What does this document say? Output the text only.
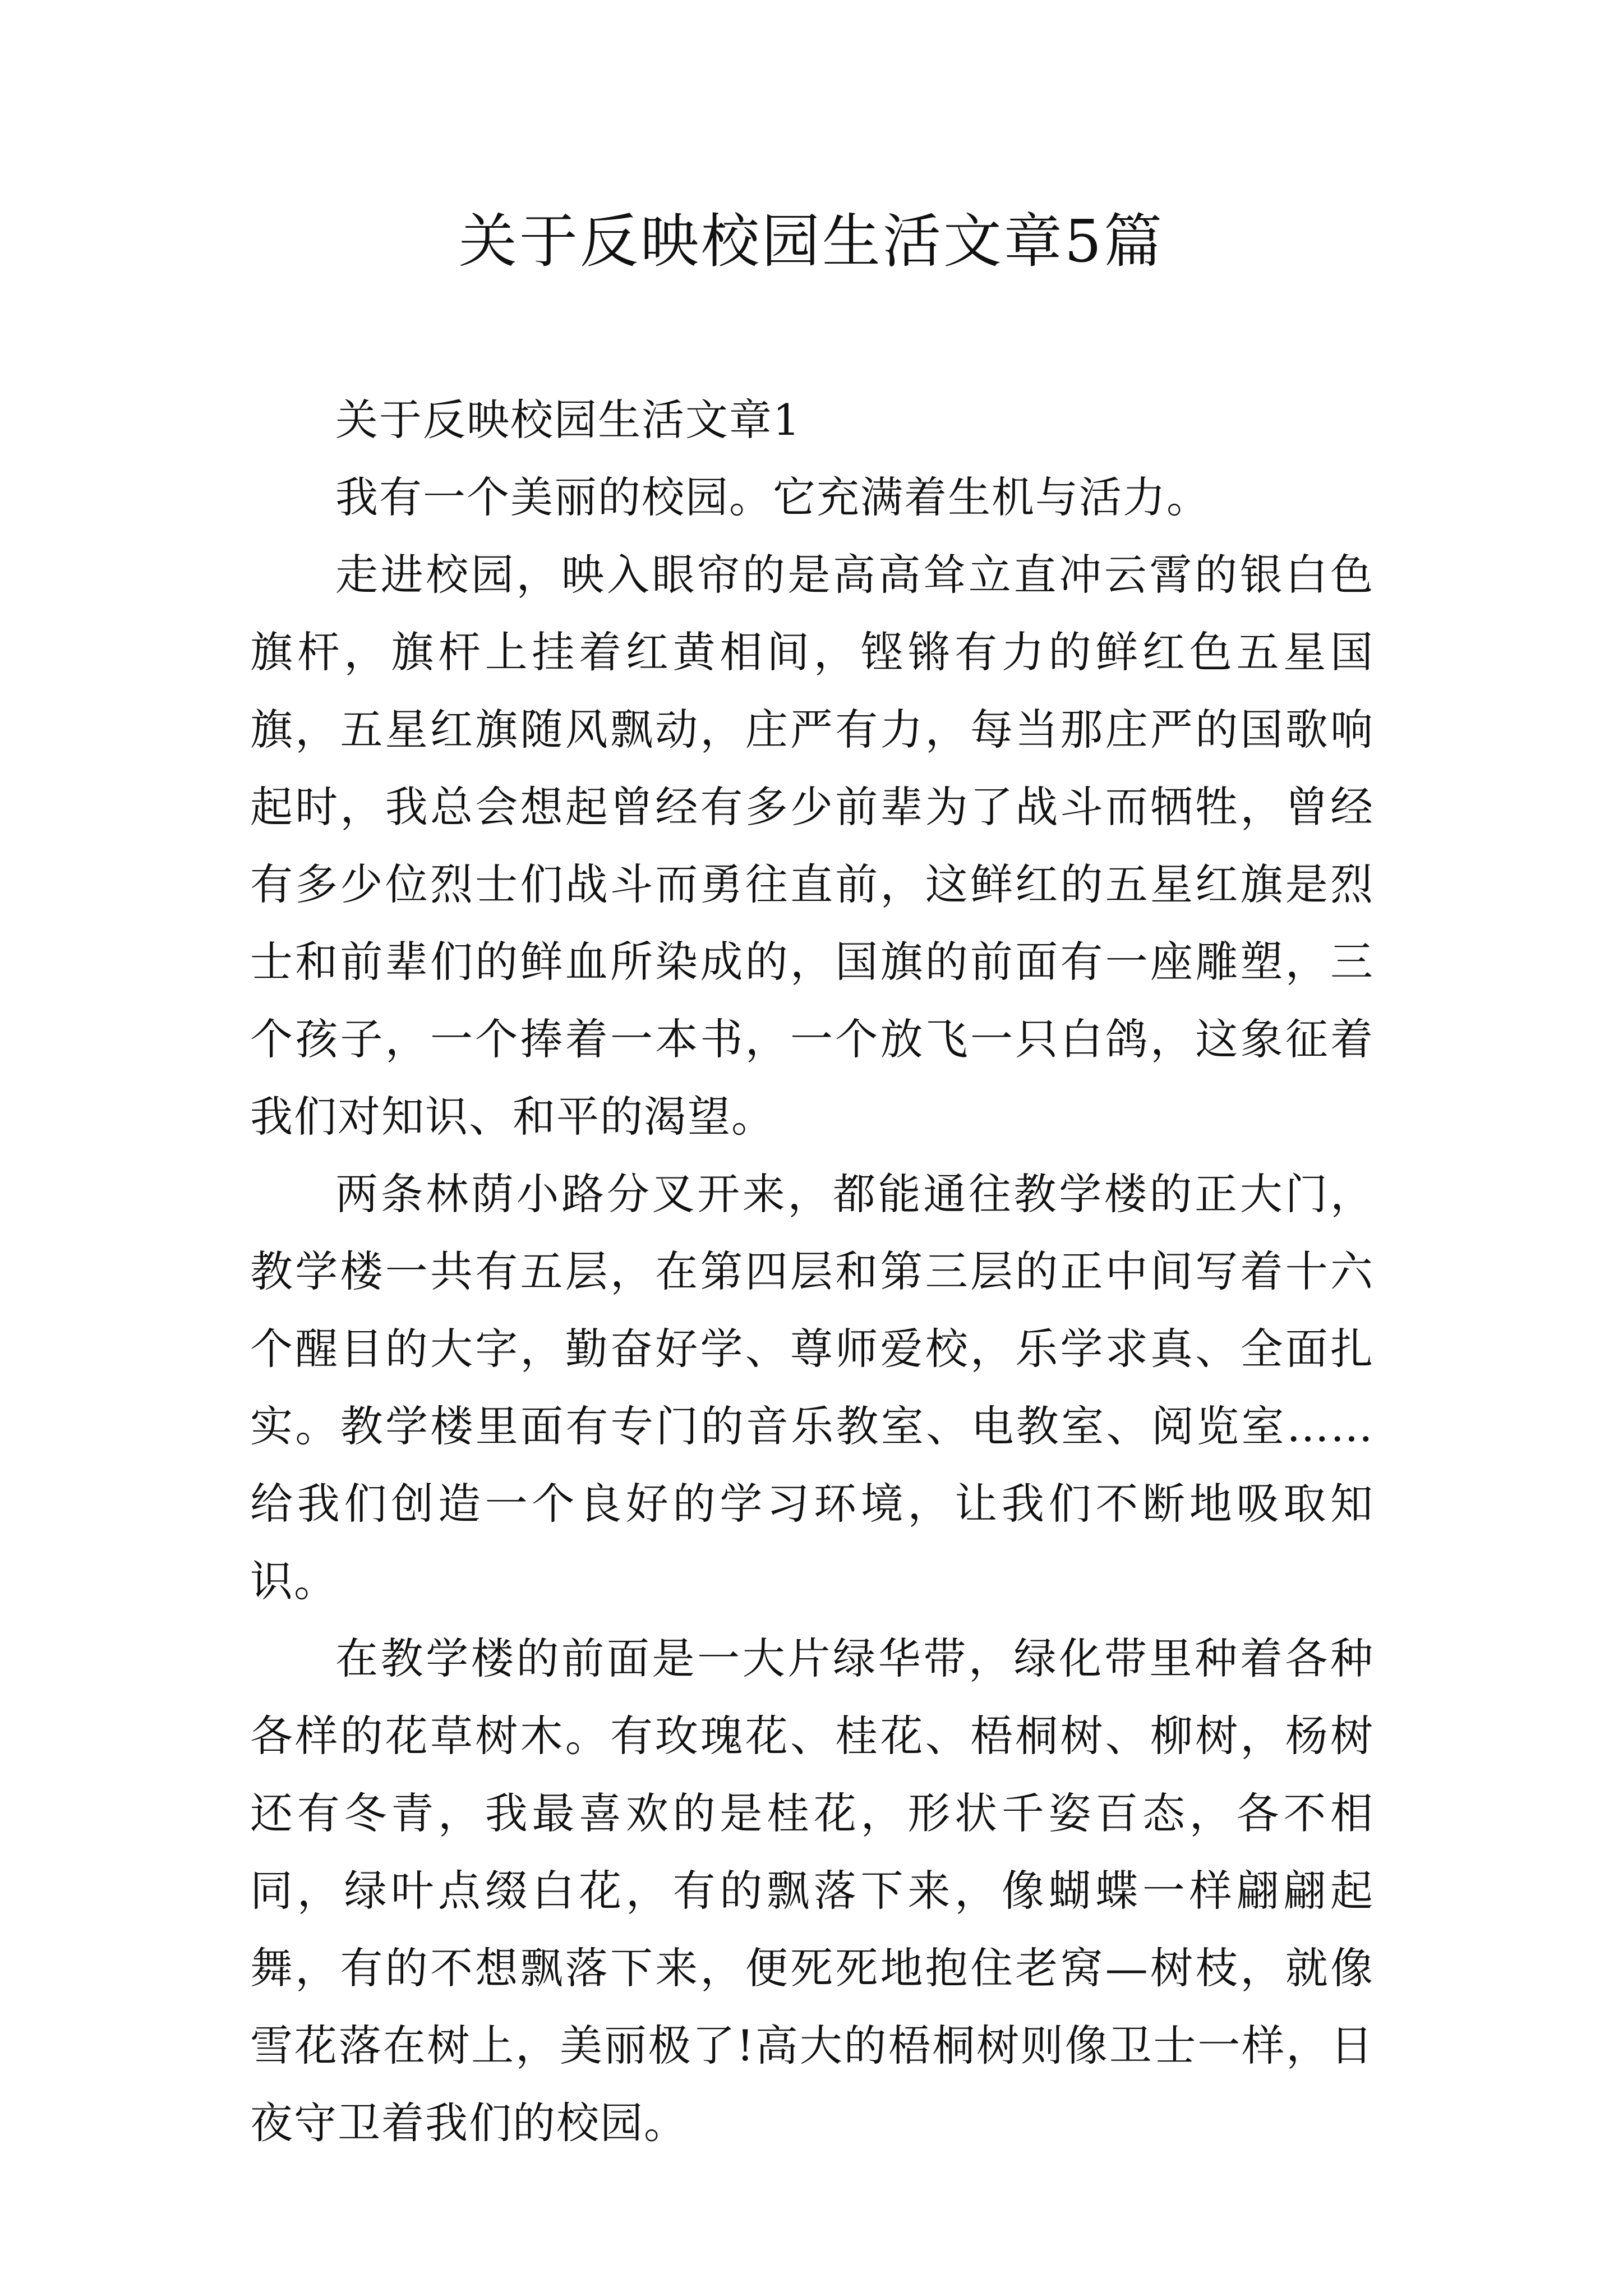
关于反映校园生活文章5篇

关于反映校园生活文章1

我有一个美丽的校园。它充满着生机与活力。

走进校园，映入眼帘的是高高耸立直冲云霄的银白色旗杆，旗杆上挂着红黄相间，铿锵有力的鲜红色五星国旗，五星红旗随风飘动，庄严有力，每当那庄严的国歌响起时，我总会想起曾经有多少前辈为了战斗而牺牲，曾经有多少位烈士们战斗而勇往直前，这鲜红的五星红旗是烈士和前辈们的鲜血所染成的，国旗的前面有一座雕塑，三个孩子，一个捧着一本书，一个放飞一只白鸽，这象征着我们对知识、和平的渴望。

两条林荫小路分叉开来，都能通往教学楼的正大门，教学楼一共有五层，在第四层和第三层的正中间写着十六个醒目的大字，勤奋好学、尊师爱校，乐学求真、全面扎实。教学楼里面有专门的音乐教室、电教室、阅览室……给我们创造一个良好的学习环境，让我们不断地吸取知识。

在教学楼的前面是一大片绿华带，绿化带里种着各种各样的花草树木。有玫瑰花、桂花、梧桐树、柳树，杨树还有冬青，我最喜欢的是桂花，形状千姿百态，各不相同，绿叶点缀白花，有的飘落下来，像蝴蝶一样翩翩起舞，有的不想飘落下来，便死死地抱住老窝—树枝，就像雪花落在树上，美丽极了!高大的梧桐树则像卫士一样，日夜守卫着我们的校园。
